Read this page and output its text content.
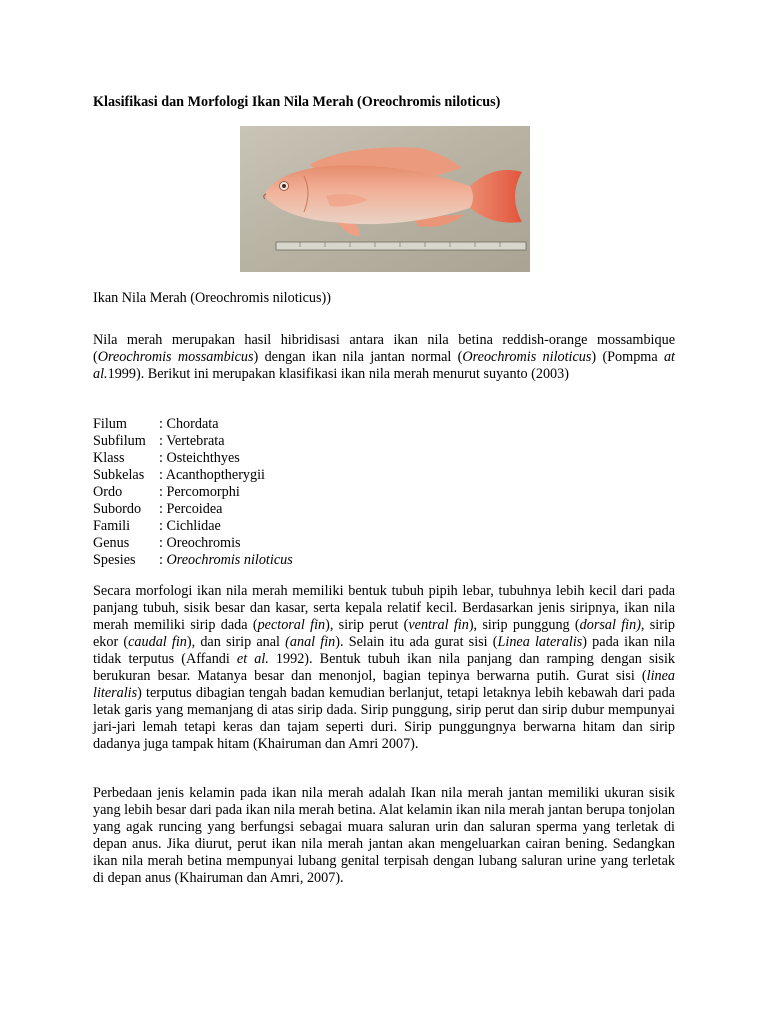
Klasifikasi dan Morfologi Ikan Nila Merah (Oreochromis niloticus)
Ikan Nila Merah (Oreochromis niloticus))

Nila merah merupakan hasil hibridisasi antara ikan nila betina reddish-orange mossambique (Oreochromis mossambicus) dengan ikan nila jantan normal (Oreochromis niloticus) (Pompma at al.1999). Berikut ini merupakan klasifikasi ikan nila merah menurut suyanto (2003)

Filum : Chordata
Subfilum : Vertebrata
Klass : Osteichthyes
Subkelas : Acanthoptherygii
Ordo	: Percomorphi
Subordo : Percoidea
Famili : Cichlidae
Genus : Oreochromis
Spesies : Oreochromis niloticus

Secara morfologi ikan nila merah memiliki bentuk tubuh pipih lebar, tubuhnya lebih kecil dari pada panjang tubuh, sisik besar dan kasar, serta kepala relatif kecil. Berdasarkan jenis siripnya, ikan nila merah memiliki sirip dada (pectoral fin), sirip perut (ventral fin), sirip punggung (dorsal fin), sirip ekor (caudal fin), dan sirip anal (anal fin). Selain itu ada gurat sisi (Linea lateralis) pada ikan nila tidak terputus (Affandi et al. 1992). Bentuk tubuh ikan nila panjang dan ramping dengan sisik berukuran besar. Matanya besar dan menonjol, bagian tepinya berwarna putih. Gurat sisi (linea literalis) terputus dibagian tengah badan kemudian berlanjut, tetapi letaknya lebih kebawah dari pada letak garis yang memanjang di atas sirip dada. Sirip punggung, sirip perut dan sirip dubur mempunyai jari-jari lemah tetapi keras dan tajam seperti duri. Sirip punggungnya berwarna hitam dan sirip dadanya juga tampak hitam (Khairuman dan Amri 2007).

Perbedaan jenis kelamin pada ikan nila merah adalah Ikan nila merah jantan memiliki ukuran sisik yang lebih besar dari pada ikan nila merah betina. Alat kelamin ikan nila merah jantan berupa tonjolan yang agak runcing yang berfungsi sebagai muara saluran urin dan saluran sperma yang terletak di depan anus. Jika diurut, perut ikan nila merah jantan akan mengeluarkan cairan bening. Sedangkan ikan nila merah betina mempunyai lubang genital terpisah dengan lubang saluran urine yang terletak di depan anus (Khairuman dan Amri, 2007).
